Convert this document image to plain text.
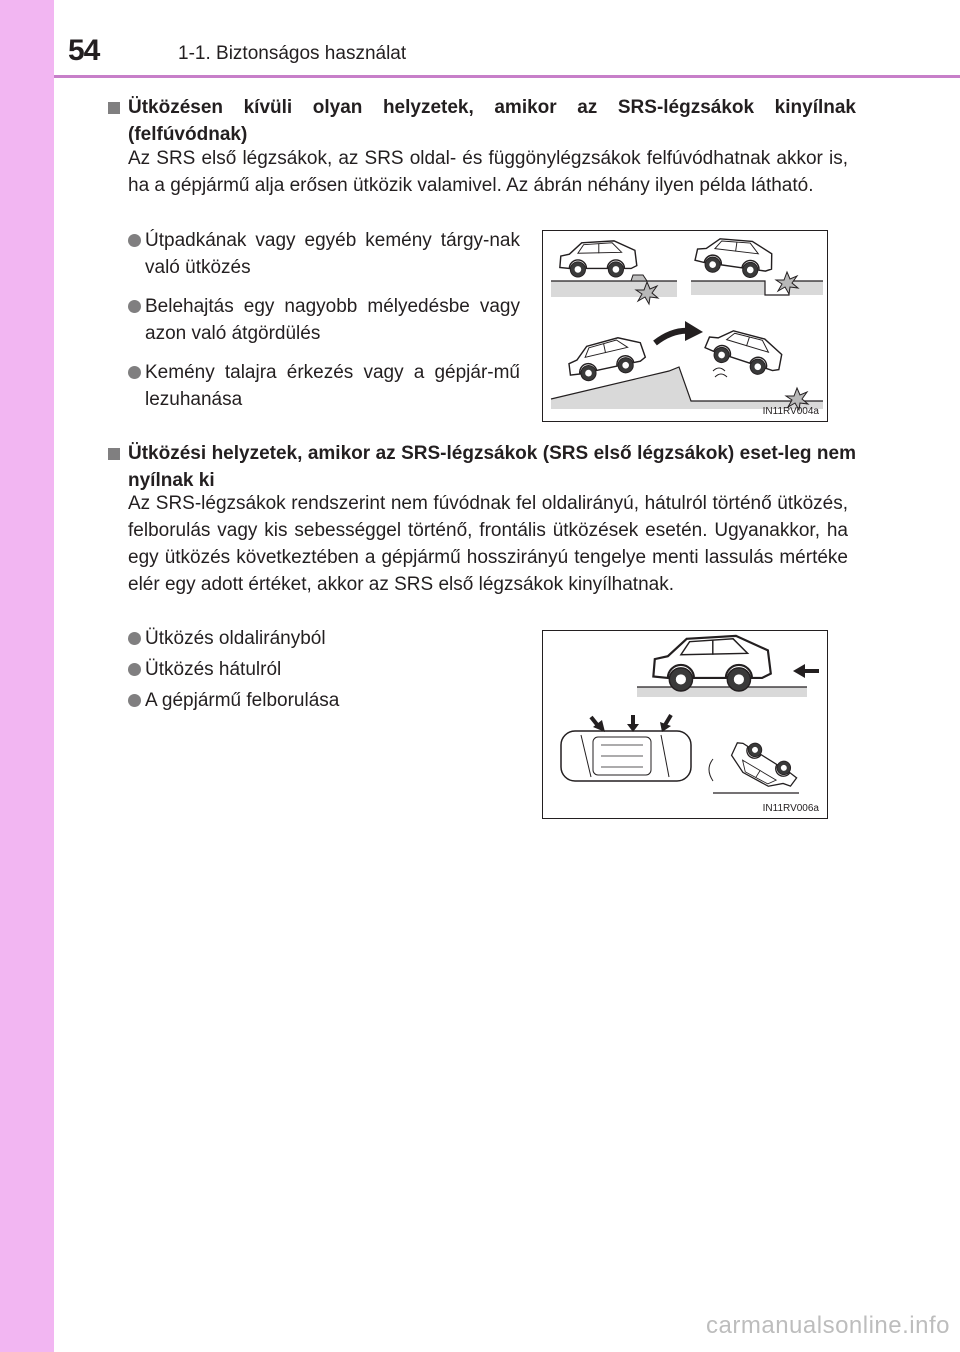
54	1-1. Biztonságos használat
Ütközésen kívüli olyan helyzetek, amikor az SRS-légzsákok kinyílnak (felfúvódnak)
Az SRS első légzsákok, az SRS oldal- és függönylégzsákok felfúvódhatnak akkor is, ha a gépjármű alja erősen ütközik valamivel. Az ábrán néhány ilyen példa látható.
Útpadkának vagy egyéb kemény tárgy-nak való ütközés
Belehajtás egy nagyobb mélyedésbe vagy azon való átgördülés
Kemény talajra érkezés vagy a gépjár-mű lezuhanása
IN11RV004a
Ütközési helyzetek, amikor az SRS-légzsákok (SRS első légzsákok) eset-leg nem nyílnak ki
Az SRS-légzsákok rendszerint nem fúvódnak fel oldalirányú, hátulról történő ütközés, felborulás vagy kis sebességgel történő, frontális ütközések esetén. Ugyanakkor, ha egy ütközés következtében a gépjármű hosszirányú tengelye menti lassulás mértéke elér egy adott értéket, akkor az SRS első légzsákok kinyílhatnak.
Ütközés oldalirányból
Ütközés hátulról
A gépjármű felborulása
IN11RV006a
carmanualsonline.info
